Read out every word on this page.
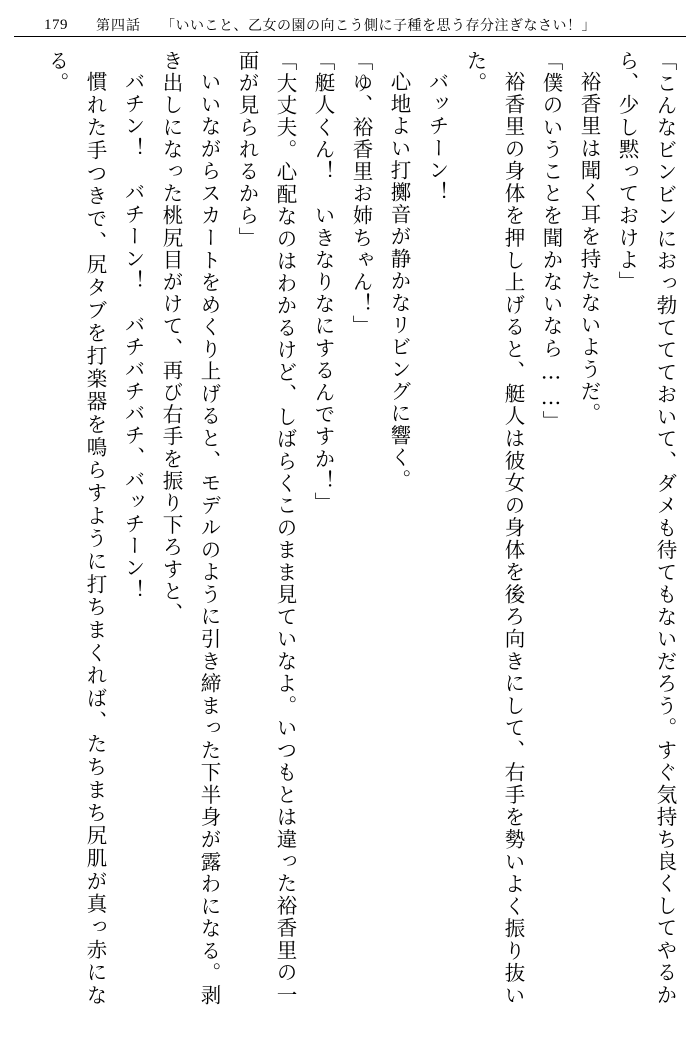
179 第四話 「いいこと、乙女の園の向こう側に子種を思う存分注ぎなさい！」

「こんなビンビンにおっ勃ててておいて、ダメも待てもないだろう。すぐ気持ち良くしてやるから、少し黙っておけよ」

裕香里は聞く耳を持たないようだ。

「僕のいうことを聞かないなら……」

裕香里の身体を押し上げると、艇人は彼女の身体を後ろ向きにして、右手を勢いよく振り抜いた。

バッチーン！

心地よい打擲音が静かなリビングに響く。

「ゆ、裕香里お姉ちゃん！」

「艇人くん！　いきなりなにするんですか！」

「大丈夫。心配なのはわかるけど、しばらくこのまま見ていなよ。いつもとは違った裕香里の一面が見られるから」

いいながらスカートをめくり上げると、モデルのように引き締まった下半身が露わになる。剥き出しになった桃尻目がけて、再び右手を振り下ろすと、

バチン！　バチーン！　バチバチバチ、バッチーン！

慣れた手つきで、尻タブを打楽器を鳴らすように打ちまくれば、たちまち尻肌が真っ赤になる。
